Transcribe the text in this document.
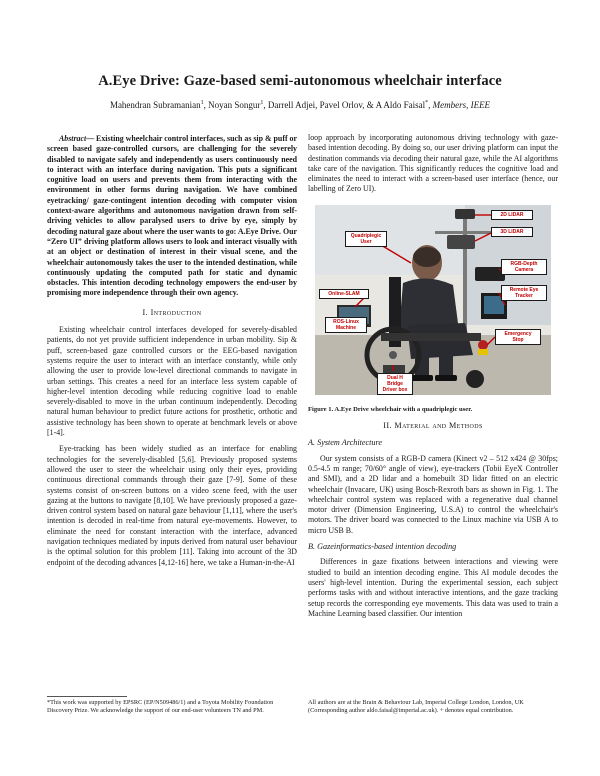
A.Eye Drive: Gaze-based semi-autonomous wheelchair interface
Mahendran Subramanian$^1$, Noyan Songur$^1$, Darrell Adjei, Pavel Orlov, & A Aldo Faisal*, Members, IEEE

Abstract— Existing wheelchair control interfaces, such as sip & puff or screen based gaze-controlled cursors, are challenging for the severely disabled to navigate safely and independently as users continuously need to interact with an interface during navigation. This puts a significant cognitive load on users and prevents them from interacting with the environment in other forms during navigation. We have combined eyetracking/ gaze-contingent intention decoding with computer vision context-aware algorithms and autonomous navigation drawn from self-driving vehicles to allow paralysed users to drive by eye, simply by decoding natural gaze about where the user wants to go: A.Eye Drive. Our “Zero UI” driving platform allows users to look and interact visually with at an object or destination of interest in their visual scene, and the wheelchair autonomously takes the user to the intended destination, while continuously updating the computed path for static and dynamic obstacles. This intention decoding technology empowers the end-user by promising more independence through their own agency.

I. Introduction

Existing wheelchair control interfaces developed for severely-disabled patients, do not yet provide sufficient independence in urban mobility. Sip & puff, screen-based gaze controlled cursors or the EEG-based navigation systems require the user to interact with an interface constantly, while only allowing the user to provide low-level directional commands to navigate in urban settings. This creates a need for an interface less system capable of higher-level intention decoding while reducing cognitive load to enable severely-disabled to move in the urban continuum independently. Decoding natural human behaviour to predict future actions for prosthetic, orthotic and assistive technology has been shown to operate at benchmark levels or above [1-4].

Eye-tracking has been widely studied as an interface for enabling technologies for the severely-disabled [5,6]. Previously proposed systems allowed the user to steer the wheelchair using only their eyes, providing continuous directional commands through their gaze [7-9]. Some of these systems consist of on-screen buttons on a video scene feed, with the user gazing at the buttons to navigate [8,10]. We have previously proposed a gaze-driven control system based on natural gaze behaviour [1,11], where the user's intention is decoded in real-time from natural eye-movements. However, to eliminate the need for constant interaction with the interface, advanced navigation techniques mediated by inputs derived from natural user behaviour is the optimal solution for this problem [11]. Taking into account of the 3D endpoint of the decoding advances [4,12-16] here, we take a Human-in-the-AI

loop approach by incorporating autonomous driving technology with gaze-based intention decoding. By doing so, our user driving platform can input the destination commands via decoding their natural gaze, while the AI algorithms take care of the navigation. This significantly reduces the cognitive load and eliminates the need to interact with a screen-based user interface (hence, our labelling of Zero UI).

Quadriplegic
User
2D LIDAR
3D LIDAR
Online-SLAM
ROS-Linux
Machine
RGB-Depth
Camera
Remote Eye
Tracker
Emergency
Stop
Dual H
Bridge
Driver box
Figure 1. A.Eye Drive wheelchair with a quadriplegic user.
II. Material and Methods
A. System Architecture

Our system consists of a RGB-D camera (Kinect v2 – 512 x424 @ 30fps; 0.5-4.5 m range; 70/60° angle of view), eye-trackers (Tobii EyeX Controller and SMI), and a 2D lidar and a homebuilt 3D lidar fitted on an electric wheelchair (Invacare, UK) using Bosch-Rexroth bars as shown in Fig. 1. The wheelchair control system was replaced with a regenerative dual channel motor driver (Dimension Engineering, U.S.A) to control the wheelchair's motors. The driver board was connected to the Linux machine via USB A to micro USB B.

B. Gazeinformatics-based intention decoding

Differences in gaze fixations between interactions and viewing were studied to build an intention decoding engine. This AI module decodes the users' high-level intention. During the experimental session, each subject performs tasks with and without interactive intentions, and the gaze tracking setup records the corresponding eye movements. This data was used to train a Machine Learning based classifier. Our intention

*This work was supported by EPSRC (EP/N509486/1) and a Toyota Mobility Foundation Discovery Prize. We acknowledge the support of our end-user volunteers TN and PM.
All authors are at the Brain & Behaviour Lab, Imperial College London, London, UK (Corresponding author aldo.faisal@imperial.ac.uk). + denotes equal contribution.
